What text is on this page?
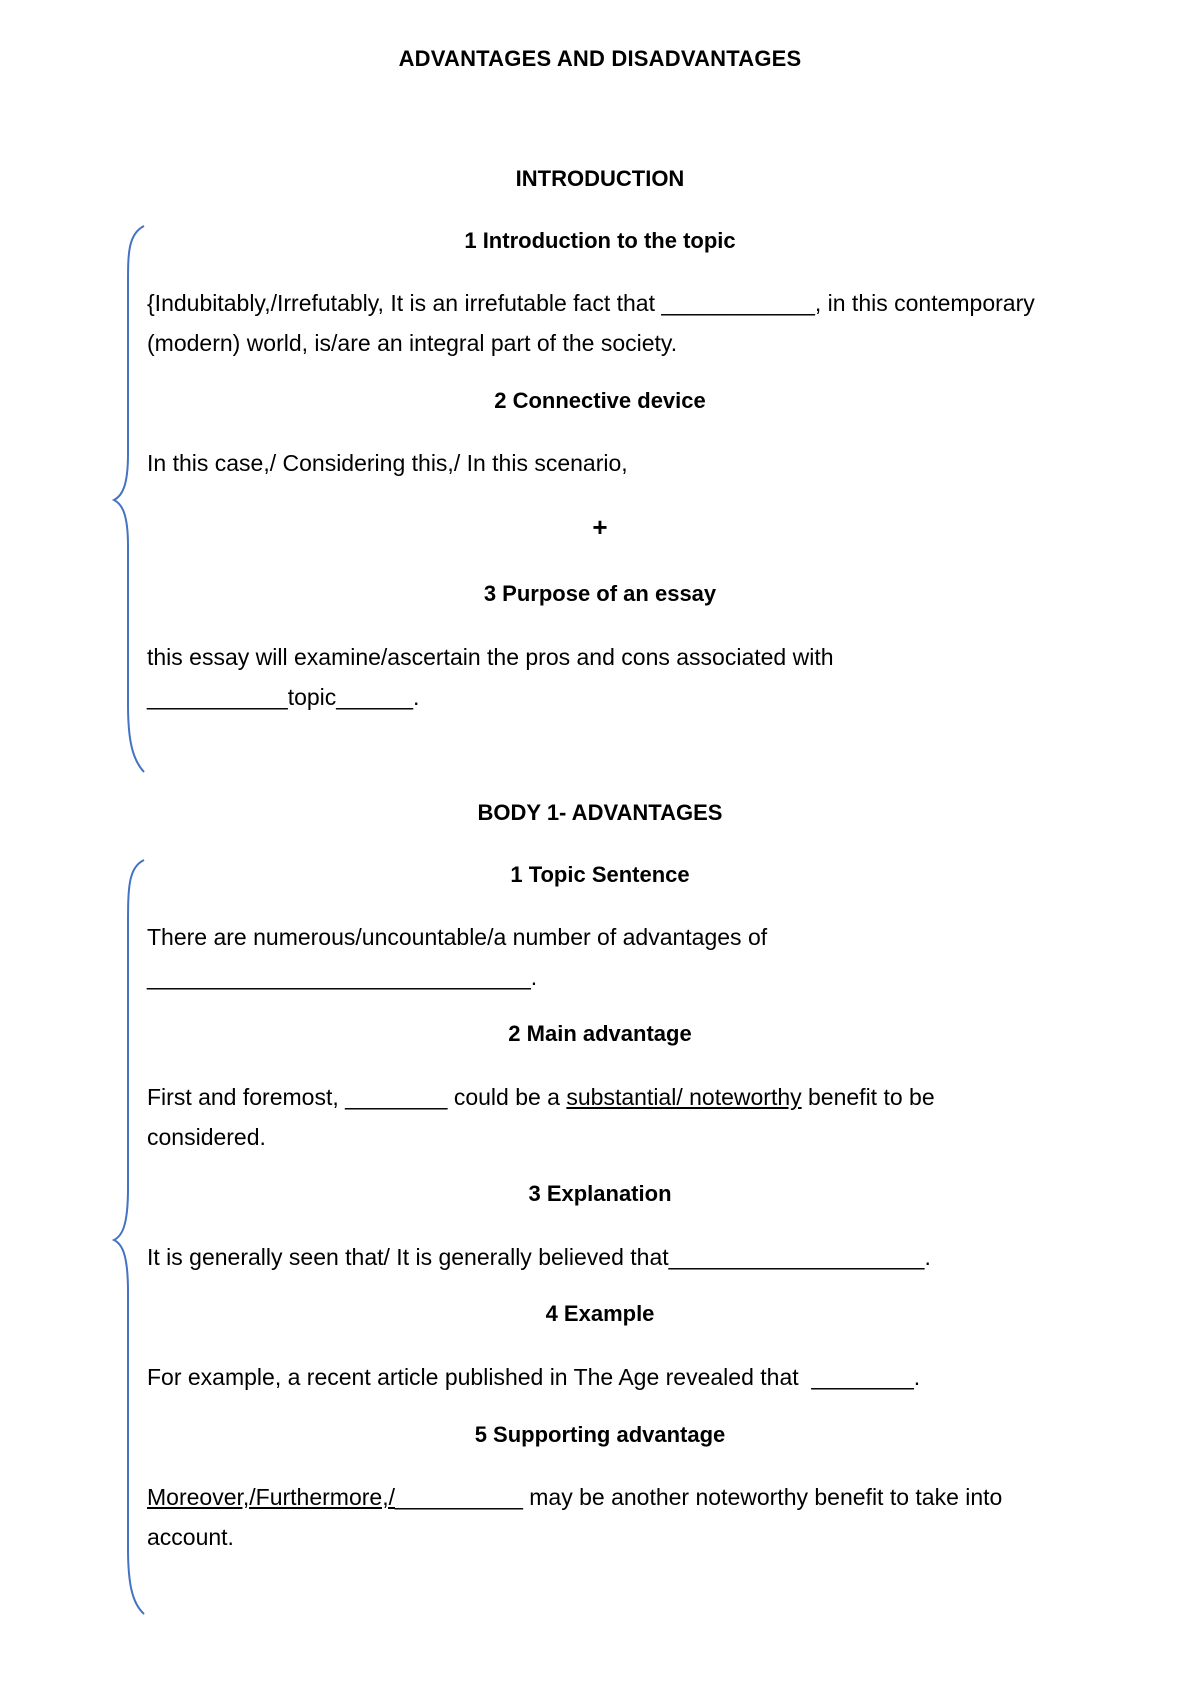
ADVANTAGES AND DISADVANTAGES
INTRODUCTION
1 Introduction to the topic
{Indubitably,/Irrefutably, It is an irrefutable fact that ____________, in this contemporary (modern) world, is/are an integral part of the society.
2 Connective device
In this case,/ Considering this,/ In this scenario,
+
3 Purpose of an essay
this essay will examine/ascertain the pros and cons associated with ___________topic______.
BODY 1- ADVANTAGES
1 Topic Sentence
There are numerous/uncountable/a number of advantages of ______________________________.
2 Main advantage
First and foremost, ________ could be a substantial/ noteworthy benefit to be considered.
3 Explanation
It is generally seen that/ It is generally believed that____________________.
4 Example
For example, a recent article published in The Age revealed that  ________.
5 Supporting advantage
Moreover,/Furthermore,/__________ may be another noteworthy benefit to take into account.
